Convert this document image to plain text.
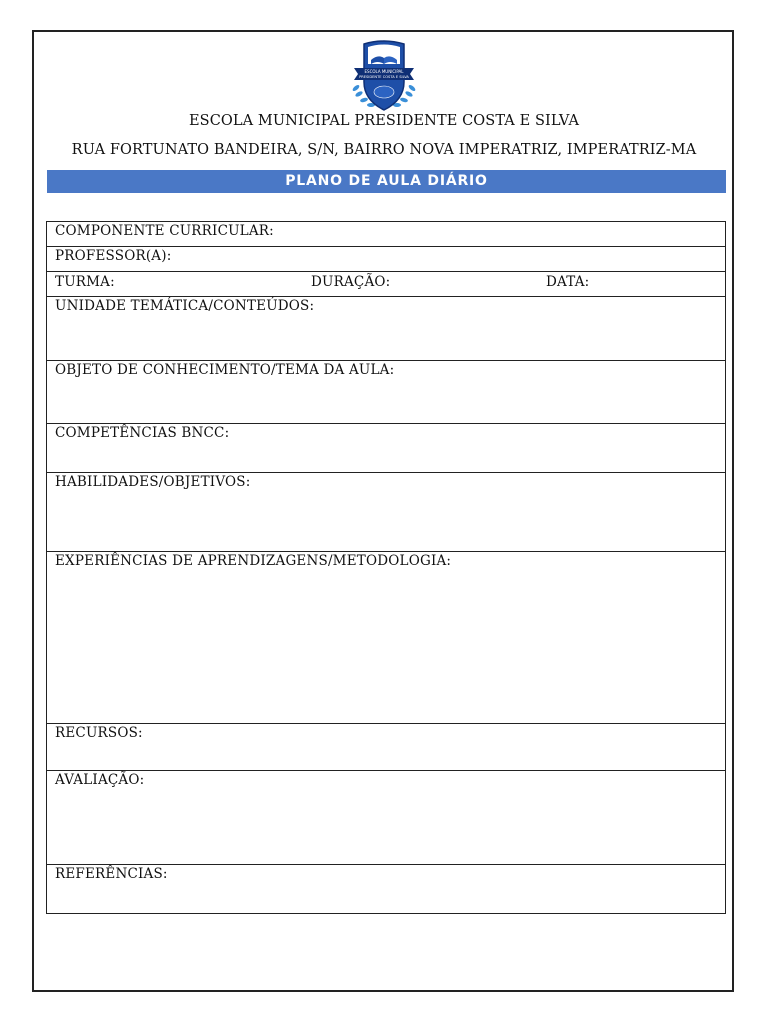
ESCOLA MUNICIPAL
PRESIDENTE COSTA E SILVA
ESCOLA MUNICIPAL PRESIDENTE COSTA E SILVA
RUA FORTUNATO BANDEIRA, S/N, BAIRRO NOVA IMPERATRIZ, IMPERATRIZ-MA
PLANO DE AULA DIÁRIO
COMPONENTE CURRICULAR:
PROFESSOR(A):
TURMA:	DURAÇÃO:	DATA:
UNIDADE TEMÁTICA/CONTEÚDOS:
OBJETO DE CONHECIMENTO/TEMA DA AULA:
COMPETÊNCIAS BNCC:
HABILIDADES/OBJETIVOS:
EXPERIÊNCIAS DE APRENDIZAGENS/METODOLOGIA:
RECURSOS:
AVALIAÇÃO:
REFERÊNCIAS:
